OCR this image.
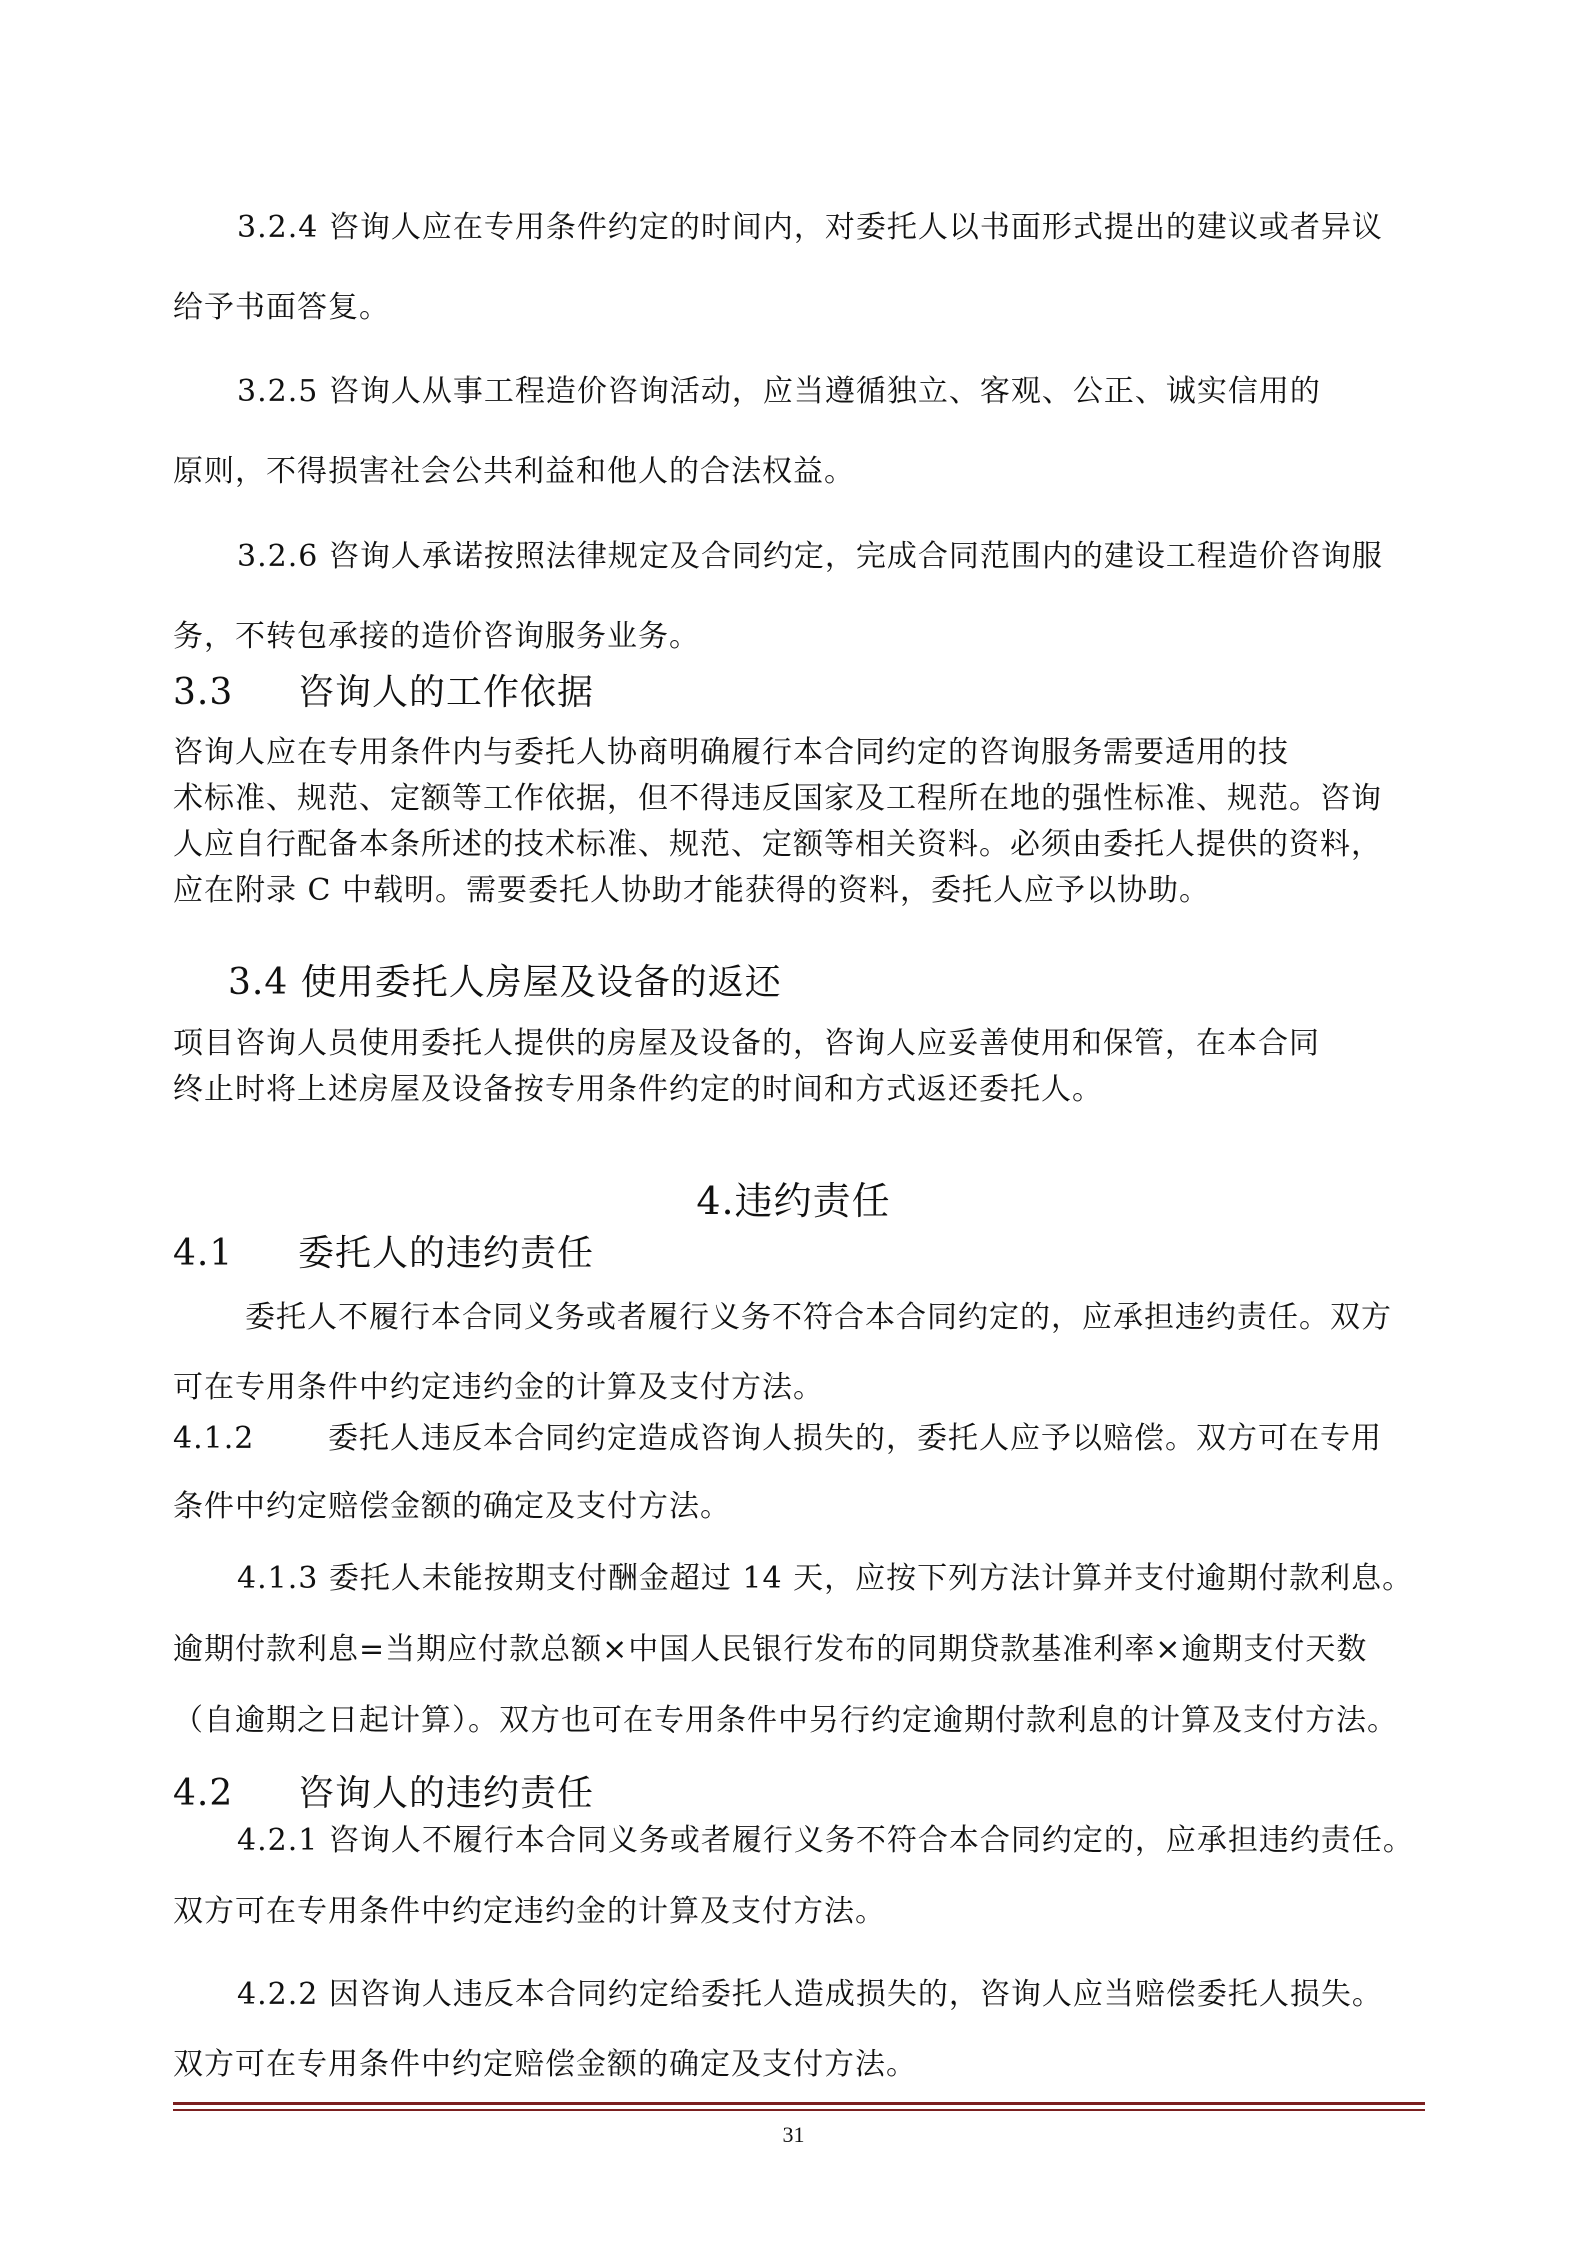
3.2.4 咨询人应在专用条件约定的时间内，对委托人以书面形式提出的建议或者异议
给予书面答复。
3.2.5 咨询人从事工程造价咨询活动，应当遵循独立、客观、公正、诚实信用的
原则，不得损害社会公共利益和他人的合法权益。
3.2.6 咨询人承诺按照法律规定及合同约定，完成合同范围内的建设工程造价咨询服
务，不转包承接的造价咨询服务业务。
3.3 咨询人的工作依据
咨询人应在专用条件内与委托人协商明确履行本合同约定的咨询服务需要适用的技
术标准、规范、定额等工作依据，但不得违反国家及工程所在地的强性标准、规范。咨询
人应自行配备本条所述的技术标准、规范、定额等相关资料。必须由委托人提供的资料，
应在附录 C 中载明。需要委托人协助才能获得的资料，委托人应予以协助。
3.4 使用委托人房屋及设备的返还
项目咨询人员使用委托人提供的房屋及设备的，咨询人应妥善使用和保管，在本合同
终止时将上述房屋及设备按专用条件约定的时间和方式返还委托人。
4.违约责任
4.1 委托人的违约责任
委托人不履行本合同义务或者履行义务不符合本合同约定的，应承担违约责任。双方
可在专用条件中约定违约金的计算及支付方法。
4.1.2 委托人违反本合同约定造成咨询人损失的，委托人应予以赔偿。双方可在专用
条件中约定赔偿金额的确定及支付方法。
4.1.3 委托人未能按期支付酬金超过 14 天，应按下列方法计算并支付逾期付款利息。
逾期付款利息=当期应付款总额×中国人民银行发布的同期贷款基准利率×逾期支付天数
（自逾期之日起计算）。双方也可在专用条件中另行约定逾期付款利息的计算及支付方法。
4.2 咨询人的违约责任
4.2.1 咨询人不履行本合同义务或者履行义务不符合本合同约定的，应承担违约责任。
双方可在专用条件中约定违约金的计算及支付方法。
4.2.2 因咨询人违反本合同约定给委托人造成损失的，咨询人应当赔偿委托人损失。
双方可在专用条件中约定赔偿金额的确定及支付方法。
31
